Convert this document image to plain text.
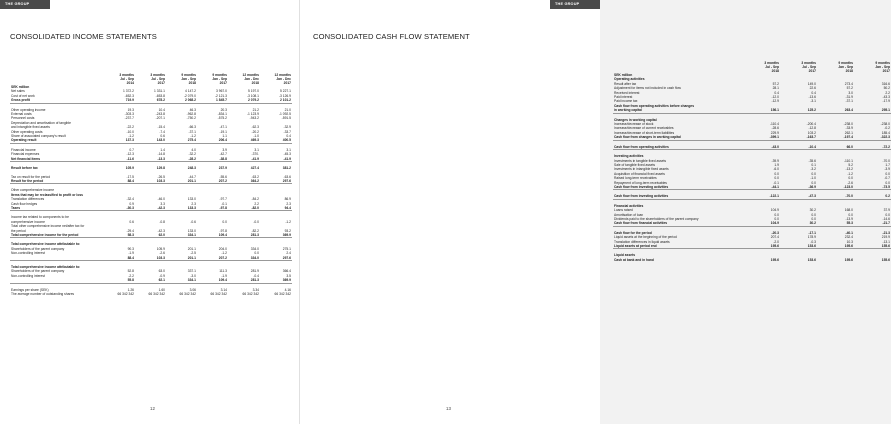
THE GROUP
CONSOLIDATED INCOME STATEMENTS
	3 months	3 months	9 months	9 months	12 months	12 months
	Jul - Sep	Jul - Sep	Jan - Sep	Jan - Sep	Jan - Dec	Jan - Dec
	2014	2017	2018	2017	2018	2017
SEK million						
Net sales	1 372.2	1 331.1	4 147.2	3 967.0	5 197.0	5 227.1
Cost of net work	-652.3	-653.8	-2 079.0	-2 121.3	-3 108.1	-3 126.9
Gross profit	719.9	678.2	2 068.2	1 845.7	2 079.2	2 101.2

Other operating income	19.3	10.4	46.3	20.3	21.2	21.0
External costs	-303.3	-243.8	-962.8	-834.1	-1 123.9	-1 092.5
Personnel costs	-237.7	-207.1	-750.2	-575.2	-943.2	-591.5
Depreciation and amortisation of tangible						
and intangible fixed assets	-22.2	-15.4	-66.3	-47.1	-62.3	-32.9
Other operating costs	-10.0	-7.4	-37.1	-19.1	-20.2	-33.7
Share of associated company's result	-1.2	0.6	-1.2	1.1	-1.0	0.4
Operating result	137.3	143.0	275.4	206.4	469.3	400.5

Financial income	0.7	1.4	4.0	3.9	3.1	3.1
Financial expenses	-12.3	-14.8	-32.2	-42.7	-370.	-45.3
Net financial items	-11.6	-13.3	-28.2	-38.8	-41.9	-41.9

Result before tax	105.9	129.8	248.3	237.9	427.4	381.2

Tax on result for the period	-17.5	-26.5	-44.7	-55.6	-63.2	-63.6
Result for the period	88.4	103.3	201.1	207.2	364.2	297.6

Other comprehensive income						
Items that may be reclassified to profit or loss						
Translation differences	-32.4	-46.0	133.0	-97.7	-84.2	86.9
Cash flow hedges	0.9	3.3	2.3	-0.1	2.2	2.3
Taxes	-30.3	-42.3	133.3	-97.8	-82.0	94.4

Income tax related to components to be						
comprehensive income	0.6	-0.8	-0.6	0.0	-0.0	-1.2
Total other comprehensive income net/after tax for						
the period	-29.4	-42.3	133.0	-97.8	-82.2	93.2
Total comprehensive income for the period	58.3	62.0	334.1	109.4	281.3	369.9

Total comprehensive income attributable to:						
Shareholders of the parent company	90.3	105.9	201.1	204.0	334.0	275.1
Non-controlling interest	-1.9	-2.6	-2.5	-1.2	0.0	2.4
	88.4	103.3	201.1	207.2	334.0	297.6

Total comprehensive income attributable to:						
Shareholders of the parent company	52.8	63.0	337.1	111.3	281.9	366.4
Non-controlling interest	-2.2	-0.9	-3.0	-1.9	-0.4	3.5
	55.8	62.1	334.1	109.4	281.3	369.9

Earnings per share (SEK)	1.26	1.60	3.06	3.14	3.34	4.16
The average number of outstanding shares	66 342 342	66 342 342	66 342 342	66 342 342	66 342 342	66 342 342
12
THE GROUP
CONSOLIDATED CASH FLOW STATEMENT
	3 months	3 months	9 months	9 months
	Jul - Sep	Jul - Sep	Jan - Sep	Jan - Sep
	2018	2017	2018	2017
SEK million				
Operating activities				
Result after tax	57.2	149.0	273.4	316.6
Adjustment for items not included in cash flow	28.1	22.6	57.2	50.2
Received interest	0.4	0.4	3.0	2.2
Paid interest	-12.0	-13.6	-31.9	-43.3
Paid income tax	-12.9	-3.1	-37.1	-17.9
Cash flow from operating activities before changes				
in working capital	156.1	125.2	263.4	295.1

Changes in working capital				
Increase/decrease of stock	-110.4	-200.4	-238.0	-238.0
Increase/decrease of current receivables	-28.6	-12.8	-33.9	-0.2
Increase/decrease of short-term liabilities	229.9	103.2	262.1	185.4
Cash flow from changes in working capital	-399.1	-163.7	-197.4	-322.3

Cash flow from operating activities	-43.0	-10.4	66.0	-72.2

Investing activities				
Investments in tangible fixed assets	-39.9	-35.6	-110.1	-70.0
Sale of tangible fixed assets	1.9	0.1	5.2	1.7
Investments in intangible fixed assets	-6.0	-3.2	-13.2	-3.9
Acquisition of financial fixed assets	0.0	0.0	-1.2	0.0
Raised long-term receivables	0.0	-1.0	0.0	-0.7
Repayment of long-term receivables	-0.1	0.0	-2.6	0.0
Cash flow from investing activities	-44.1	-36.9	-123.0	-73.5

Cash flow from investing activities	-122.1	-47.3	-70.0	0.2

Financial activities				
Loans raised	104.9	30.2	168.0	37.9
Amortisation of loan	0.0	0.0	0.0	0.0
Dividends paid to the shareholders of the parent company	0.0	0.0	-13.9	-14.6
Cash flow from financial activities	104.9	30.2	55.3	-21.7

Cash flow for the period	-20.3	-17.1	-40.1	-21.3
Liquid assets at the beginning of the period	207.4	178.9	232.4	219.9
Translation differences in liquid assets	-2.0	-0.3	10.3	-13.1
Liquid assets at period end	195.6	153.6	195.6	155.6

Liquid assets				
Cash at bank and in hand	195.6	153.6	195.6	155.6
13
